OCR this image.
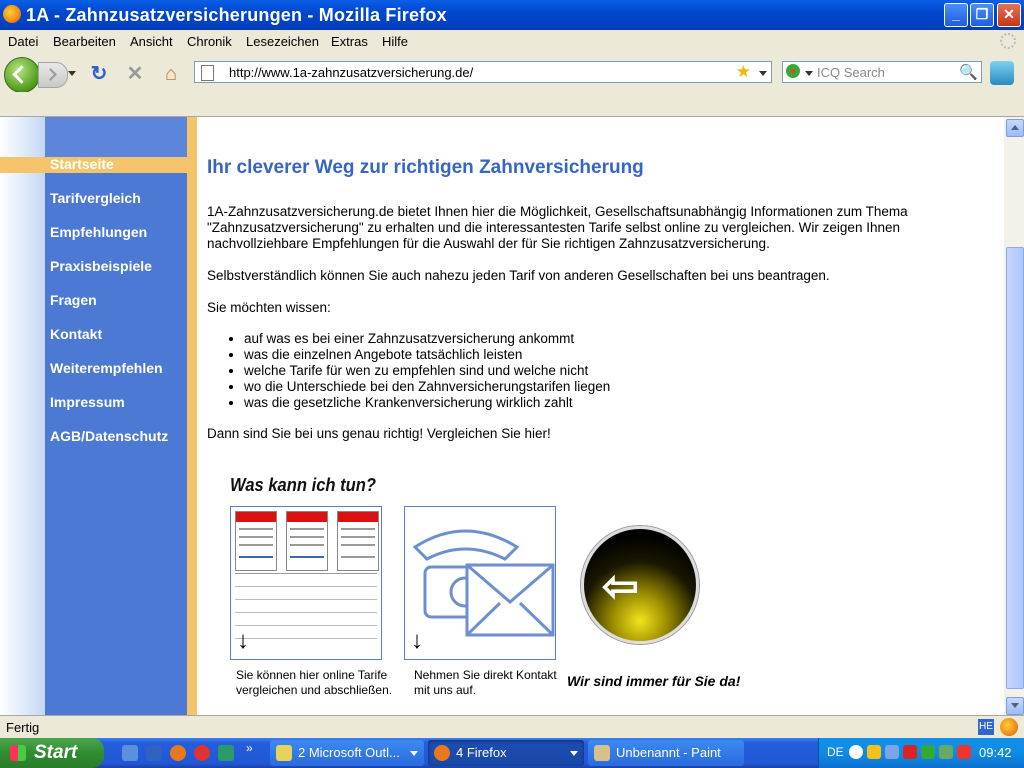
1A - Zahnzusatzversicherungen - Mozilla Firefox	_	❐	✕
Datei Bearbeiten Ansicht Chronik Lesezeichen Extras Hilfe
↻ ✕ ⌂	http://www.1a-zahnzusatzversicherung.de/	★	ICQ Search	🔍
Startseite
Tarifvergleich
Empfehlungen
Praxisbeispiele
Fragen
Kontakt
Weiterempfehlen
Impressum
AGB/Datenschutz
Ihr cleverer Weg zur richtigen Zahnversicherung

1A-Zahnzusatzversicherung.de bietet Ihnen hier die Möglichkeit, Gesellschaftsunabhängig Informationen zum Thema "Zahnzusatzversicherung" zu erhalten und die interessantesten Tarife selbst online zu vergleichen. Wir zeigen Ihnen nachvollziehbare Empfehlungen für die Auswahl der für Sie richtigen Zahnzusatzversicherung.

Selbstverständlich können Sie auch nahezu jeden Tarif von anderen Gesellschaften bei uns beantragen.

Sie möchten wissen:

• auf was es bei einer Zahnzusatzversicherung ankommt
• was die einzelnen Angebote tatsächlich leisten
• welche Tarife für wen zu empfehlen sind und welche nicht
• wo die Unterschiede bei den Zahnversicherungstarifen liegen
• was die gesetzliche Krankenversicherung wirklich zahlt

Dann sind Sie bei uns genau richtig! Vergleichen Sie hier!

Was kann ich tun?
↓
Sie können hier online Tarife
vergleichen und abschließen.
↓
Nehmen Sie direkt Kontakt
mit uns auf.
⇦
Wir sind immer für Sie da!
Fertig	HE
Start	»	2 Microsoft Outl...	4 Firefox	Unbenannt - Paint	DE	09:42
